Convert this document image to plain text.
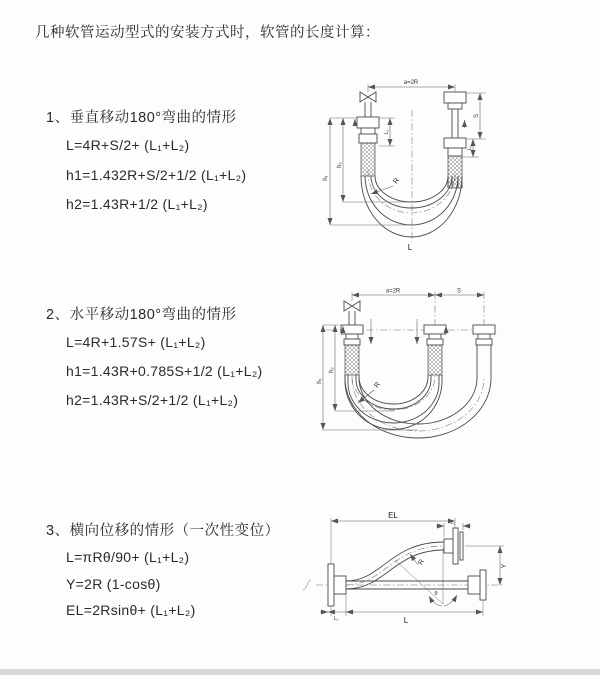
几种软管运动型式的安装方式时，软管的长度计算：
1、垂直移动180°弯曲的情形
L=4R+S/2+ (L₁+L₂)
h1=1.432R+S/2+1/2 (L₁+L₂)
h2=1.43R+1/2 (L₁+L₂)
2、水平移动180°弯曲的情形
L=4R+1.57S+ (L₁+L₂)
h1=1.43R+0.785S+1/2 (L₁+L₂)
h2=1.43R+S/2+1/2 (L₁+L₂)
3、横向位移的情形（一次性变位）
L=πRθ/90+ (L₁+L₂)
Y=2R (1-cosθ)
EL=2Rsinθ+ (L₁+L₂)
a=2R
h₁
h₂
L₁
S
L₂
R
L
a=2R	S
h₁
h₂
R
EL
L₂
Y
R
θ
L₁	L
